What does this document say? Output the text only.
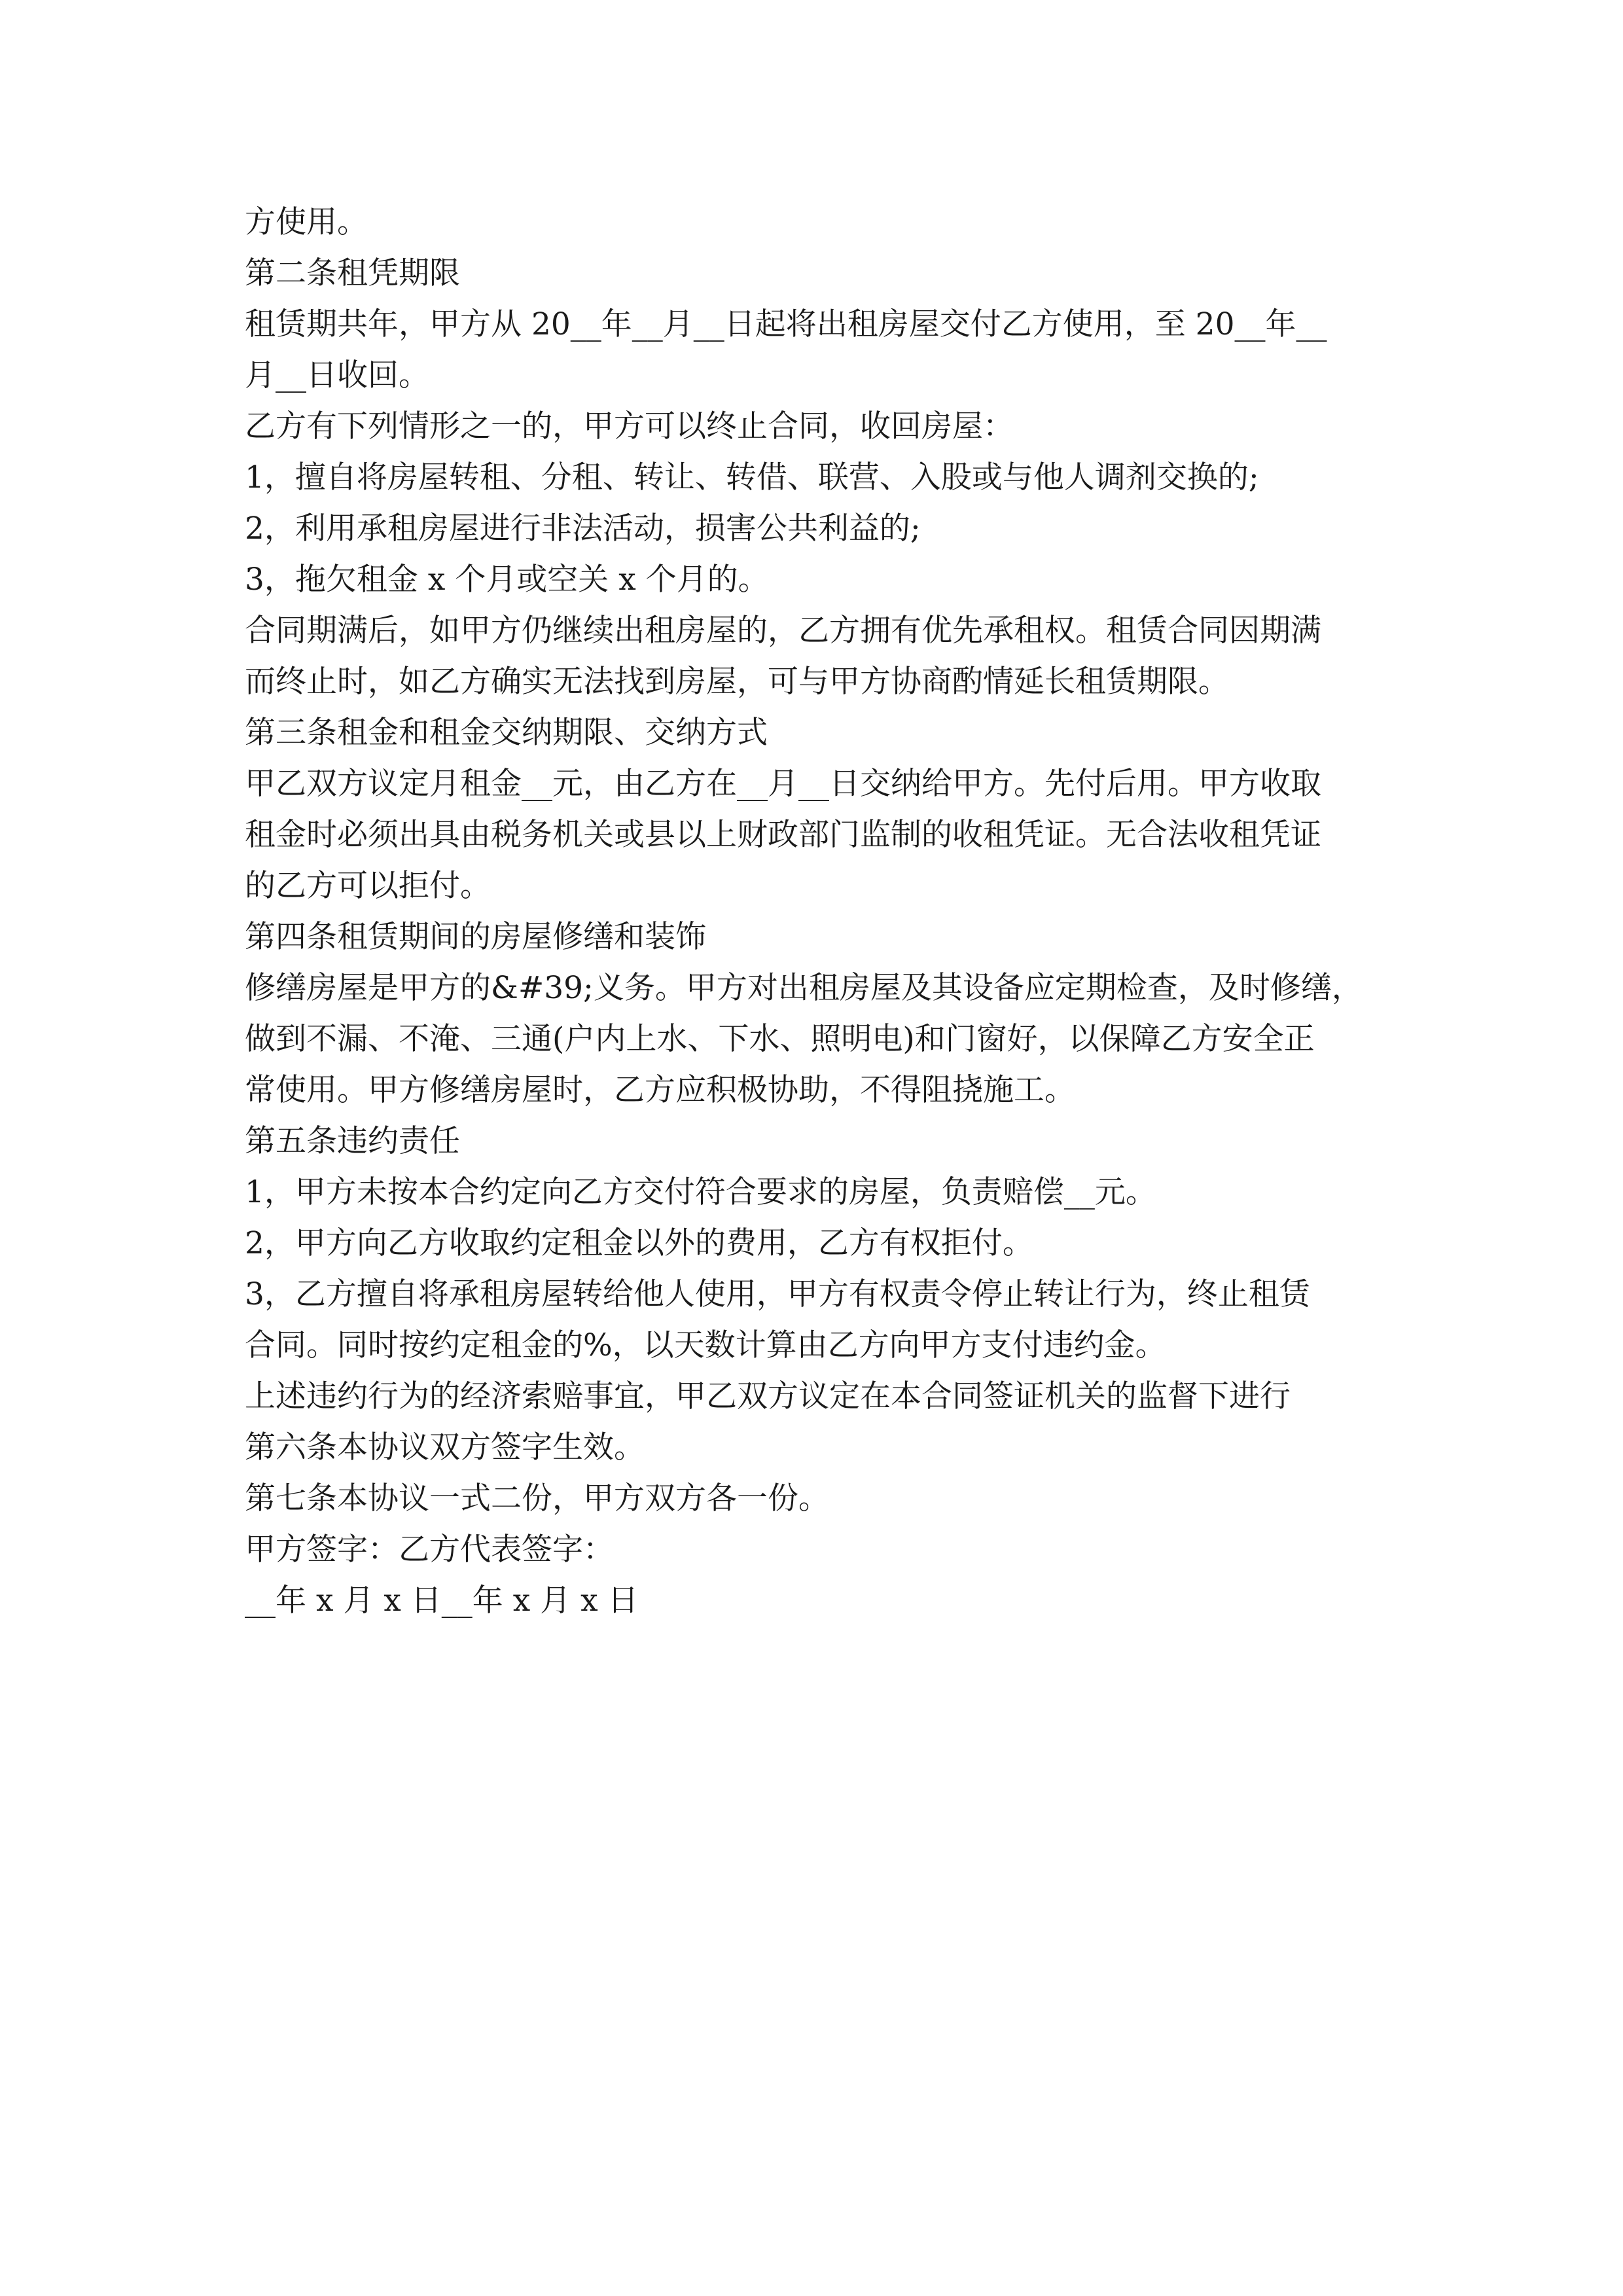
方使用。
第二条租凭期限
租赁期共年，甲方从 20__年__月__日起将出租房屋交付乙方使用，至 20__年__
月__日收回。
乙方有下列情形之一的，甲方可以终止合同，收回房屋：
1，擅自将房屋转租、分租、转让、转借、联营、入股或与他人调剂交换的;
2，利用承租房屋进行非法活动，损害公共利益的;
3，拖欠租金 x 个月或空关 x 个月的。
合同期满后，如甲方仍继续出租房屋的，乙方拥有优先承租权。租赁合同因期满
而终止时，如乙方确实无法找到房屋，可与甲方协商酌情延长租赁期限。
第三条租金和租金交纳期限、交纳方式
甲乙双方议定月租金__元，由乙方在__月__日交纳给甲方。先付后用。甲方收取
租金时必须出具由税务机关或县以上财政部门监制的收租凭证。无合法收租凭证
的乙方可以拒付。
第四条租赁期间的房屋修缮和装饰
修缮房屋是甲方的&#39;义务。甲方对出租房屋及其设备应定期检查，及时修缮，
做到不漏、不淹、三通(户内上水、下水、照明电)和门窗好，以保障乙方安全正
常使用。甲方修缮房屋时，乙方应积极协助，不得阻挠施工。
第五条违约责任
1，甲方未按本合约定向乙方交付符合要求的房屋，负责赔偿__元。
2，甲方向乙方收取约定租金以外的费用，乙方有权拒付。
3，乙方擅自将承租房屋转给他人使用，甲方有权责令停止转让行为，终止租赁
合同。同时按约定租金的%，以天数计算由乙方向甲方支付违约金。
上述违约行为的经济索赔事宜，甲乙双方议定在本合同签证机关的监督下进行
第六条本协议双方签字生效。
第七条本协议一式二份，甲方双方各一份。
甲方签字：乙方代表签字：
__年 x 月 x 日__年 x 月 x 日
